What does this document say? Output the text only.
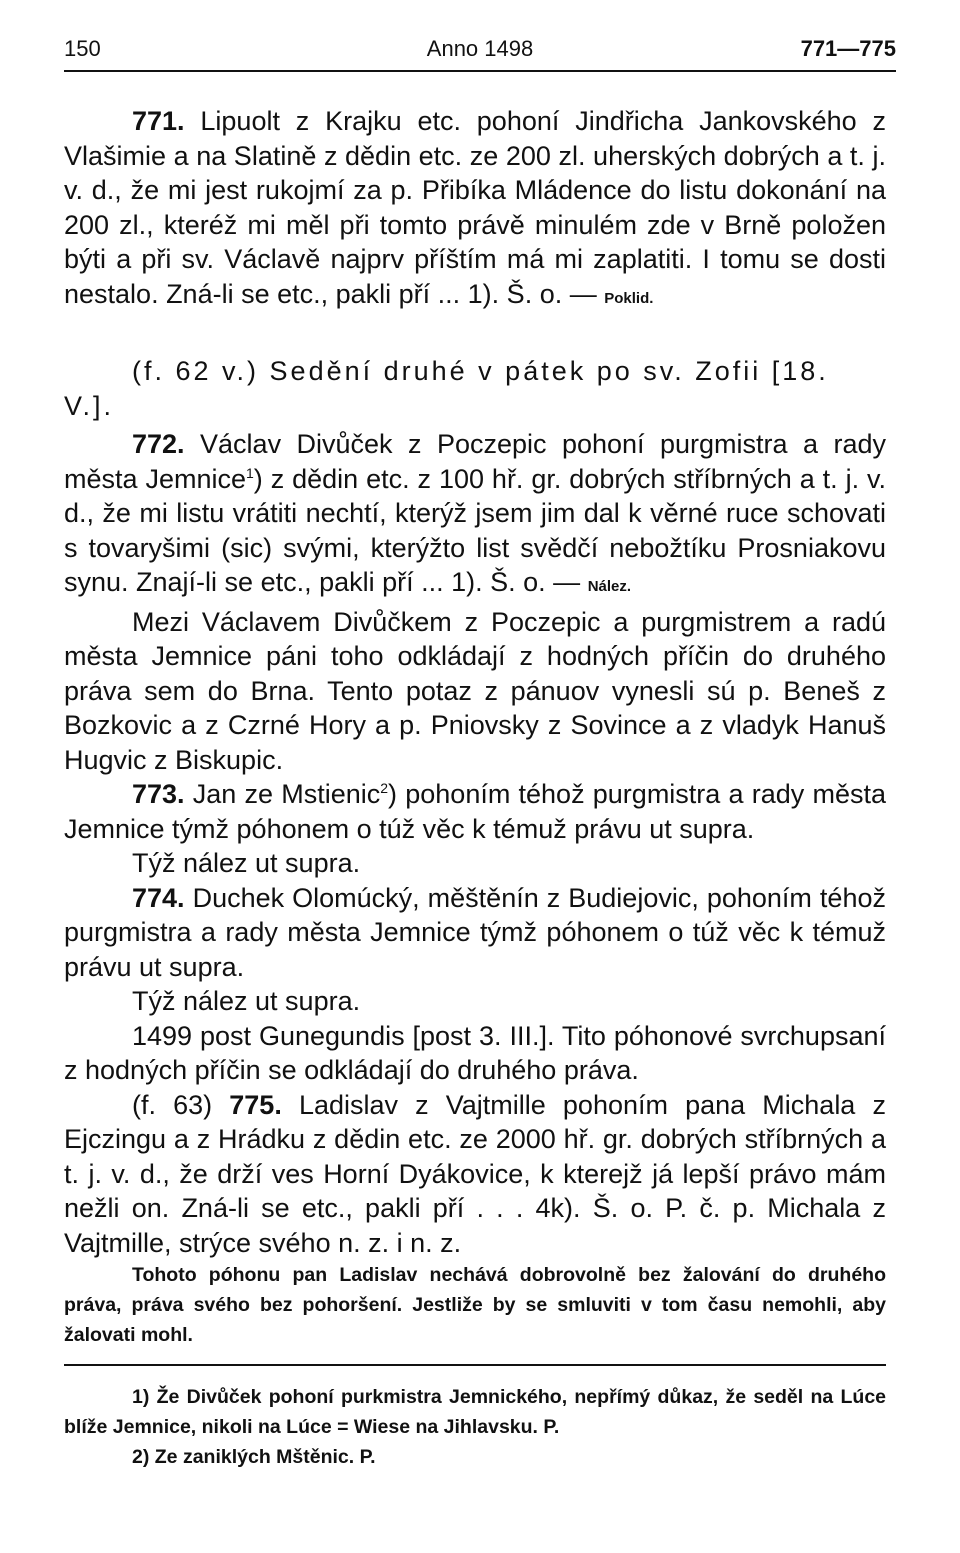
150	Anno 1498	771—775

771. Lipuolt z Krajku etc. pohoní Jindřicha Jankovského z Vlašimie a na Slatině z dědin etc. ze 200 zl. uherských dobrých a t. j. v. d., že mi jest rukojmí za p. Přibíka Mládence do listu dokonání na 200 zl., kteréž mi měl při tomto právě minulém zde v Brně položen býti a při sv. Václavě najprv příštím má mi zaplatiti. I tomu se dosti nestalo. Zná-li se etc., pakli pří ... 1). Š. o. — Poklid.

(f. 62 v.) Sedění druhé v pátek po sv. Zofii [18. V.].

772. Václav Divůček z Poczepic pohoní purgmistra a rady města Jemnice$^1$) z dědin etc. z 100 hř. gr. dobrých stříbrných a t. j. v. d., že mi listu vrátiti nechtí, kterýž jsem jim dal k věrné ruce schovati s tovaryšimi (sic) svými, kterýžto list svědčí nebožtíku Prosniakovu synu. Znají-li se etc., pakli pří ... 1). Š. o. — Nález.

Mezi Václavem Divůčkem z Poczepic a purgmistrem a radú města Jemnice páni toho odkládají z hodných příčin do druhého práva sem do Brna. Tento potaz z pánuov vynesli sú p. Beneš z Bozkovic a z Czrné Hory a p. Pniovsky z Sovince a z vladyk Hanuš Hugvic z Biskupic.

773. Jan ze Mstienic$^2$) pohoním téhož purgmistra a rady města Jemnice týmž póhonem o túž věc k témuž právu ut supra.

Týž nález ut supra.

774. Duchek Olomúcký, měštěnín z Budiejovic, pohoním téhož purgmistra a rady města Jemnice týmž póhonem o túž věc k témuž právu ut supra.

Týž nález ut supra.

1499 post Gunegundis [post 3. III.]. Tito póhonové svrchupsaní z hodných příčin se odkládají do druhého práva.

(f. 63) 775. Ladislav z Vajtmille pohoním pana Michala z Ejczingu a z Hrádku z dědin etc. ze 2000 hř. gr. dobrých stříbrných a t. j. v. d., že drží ves Horní Dyákovice, k kterejž já lepší právo mám nežli on. Zná-li se etc., pakli pří . . . 4k). Š. o. P. č. p. Michala z Vajtmille, strýce svého n. z. i n. z.

Tohoto póhonu pan Ladislav nechává dobrovolně bez žalování do druhého práva, práva svého bez pohoršení. Jestliže by se smluviti v tom času nemohli, aby žalovati mohl.

1) Že Divůček pohoní purkmistra Jemnického, nepřímý důkaz, že seděl na Lúce blíže Jemnice, nikoli na Lúce = Wiese na Jihlavsku. P.

2) Ze zaniklých Mštěnic. P.
